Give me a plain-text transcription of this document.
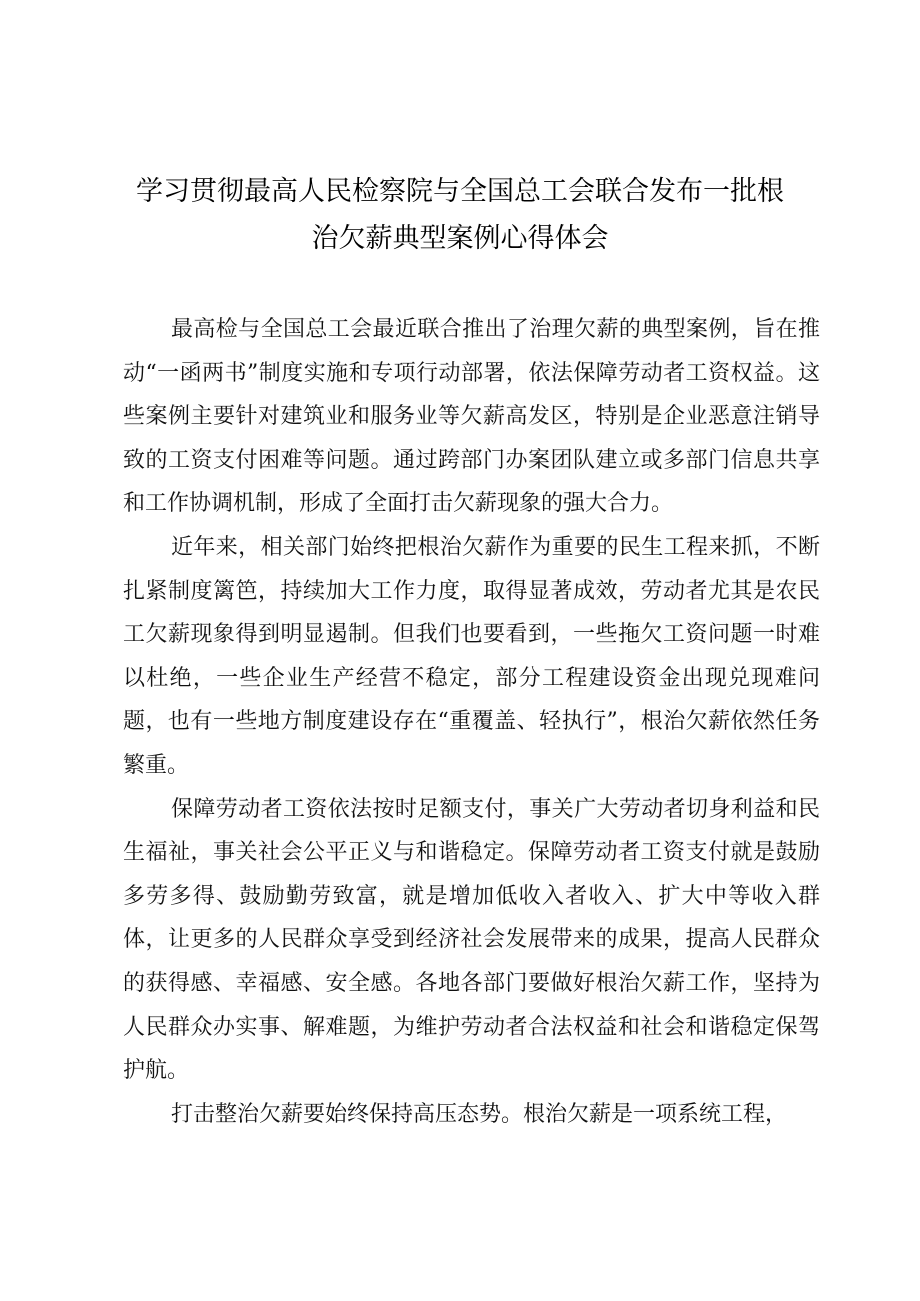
学习贯彻最高人民检察院与全国总工会联合发布一批根
治欠薪典型案例心得体会

最高检与全国总工会最近联合推出了治理欠薪的典型案例，旨在推动“一函两书”制度实施和专项行动部署，依法保障劳动者工资权益。这些案例主要针对建筑业和服务业等欠薪高发区，特别是企业恶意注销导致的工资支付困难等问题。通过跨部门办案团队建立或多部门信息共享和工作协调机制，形成了全面打击欠薪现象的强大合力。

近年来，相关部门始终把根治欠薪作为重要的民生工程来抓，不断扎紧制度篱笆，持续加大工作力度，取得显著成效，劳动者尤其是农民工欠薪现象得到明显遏制。但我们也要看到，一些拖欠工资问题一时难以杜绝，一些企业生产经营不稳定，部分工程建设资金出现兑现难问题，也有一些地方制度建设存在“重覆盖、轻执行”，根治欠薪依然任务繁重。

保障劳动者工资依法按时足额支付，事关广大劳动者切身利益和民生福祉，事关社会公平正义与和谐稳定。保障劳动者工资支付就是鼓励多劳多得、鼓励勤劳致富，就是增加低收入者收入、扩大中等收入群体，让更多的人民群众享受到经济社会发展带来的成果，提高人民群众的获得感、幸福感、安全感。各地各部门要做好根治欠薪工作，坚持为人民群众办实事、解难题，为维护劳动者合法权益和社会和谐稳定保驾护航。

打击整治欠薪要始终保持高压态势。根治欠薪是一项系统工程，
